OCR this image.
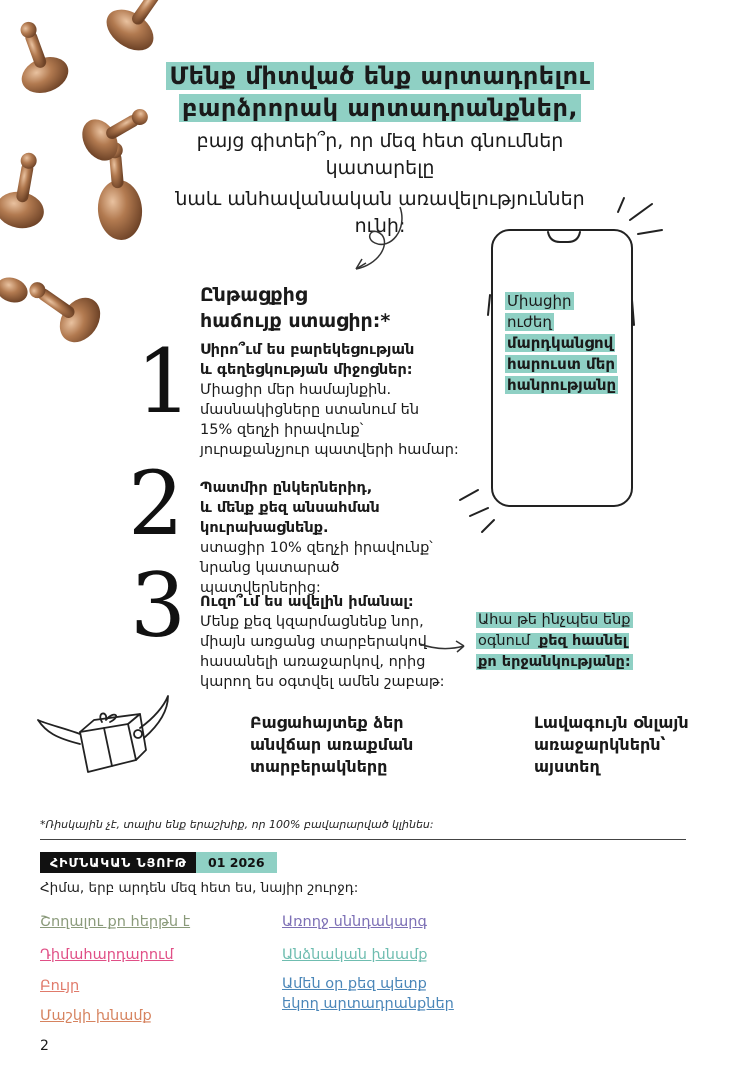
Մենք միտված ենք արտադրելու
բարձրորակ արտադրանքներ,
բայց գիտեի՞ր, որ մեզ հետ գնումներ կատարելը
նաև անհավանական առավելություններ ունի:
Ընթացքից
հաճույք ստացիր:*
1
2
3
Սիրո՞ւմ ես բարեկեցության
և գեղեցկության միջոցներ:
Միացիր մեր համայնքին.
մասնակիցները ստանում են
15% զեղչի իրավունք՝
յուրաքանչյուր պատվերի համար:
Պատմիր ընկերներիդ,
և մենք քեզ անսահման
կուրախացնենք.
ստացիր 10% զեղչի իրավունք՝
նրանց կատարած պատվերներից:
Ուզո՞ւմ ես ավելին իմանալ:
Մենք քեզ կզարմացնենք նոր,
միայն առցանց տարբերակով
հասանելի առաջարկով, որից
կարող ես օգտվել ամեն շաբաթ:
Միացիր
ուժեղ
մարդկանցով
հարուստ մեր
հանրությանը
Ահա թե ինչպես ենք
օգնում քեզ հասնել
քո երջանկությանը:
Բացահայտեք ձեր
անվճար առաքման
տարբերակները
Լավագույն օնլայն
առաջարկներն՝
այստեղ
*Ռիսկային չէ, տալիս ենք երաշխիք, որ 100% բավարարված կլինես:
ՀԻՄՆԱԿԱՆ ՆՅՈՒԹ	01 2026
Հիմա, երբ արդեն մեզ հետ ես, նայիր շուրջդ:
Շողալու քո հերթն է
Դիմահարդարում
Բույր
Մաշկի խնամք
Առողջ սննդակարգ
Անձնական խնամք
Ամեն օր քեզ պետք
եկող արտադրանքներ
2
